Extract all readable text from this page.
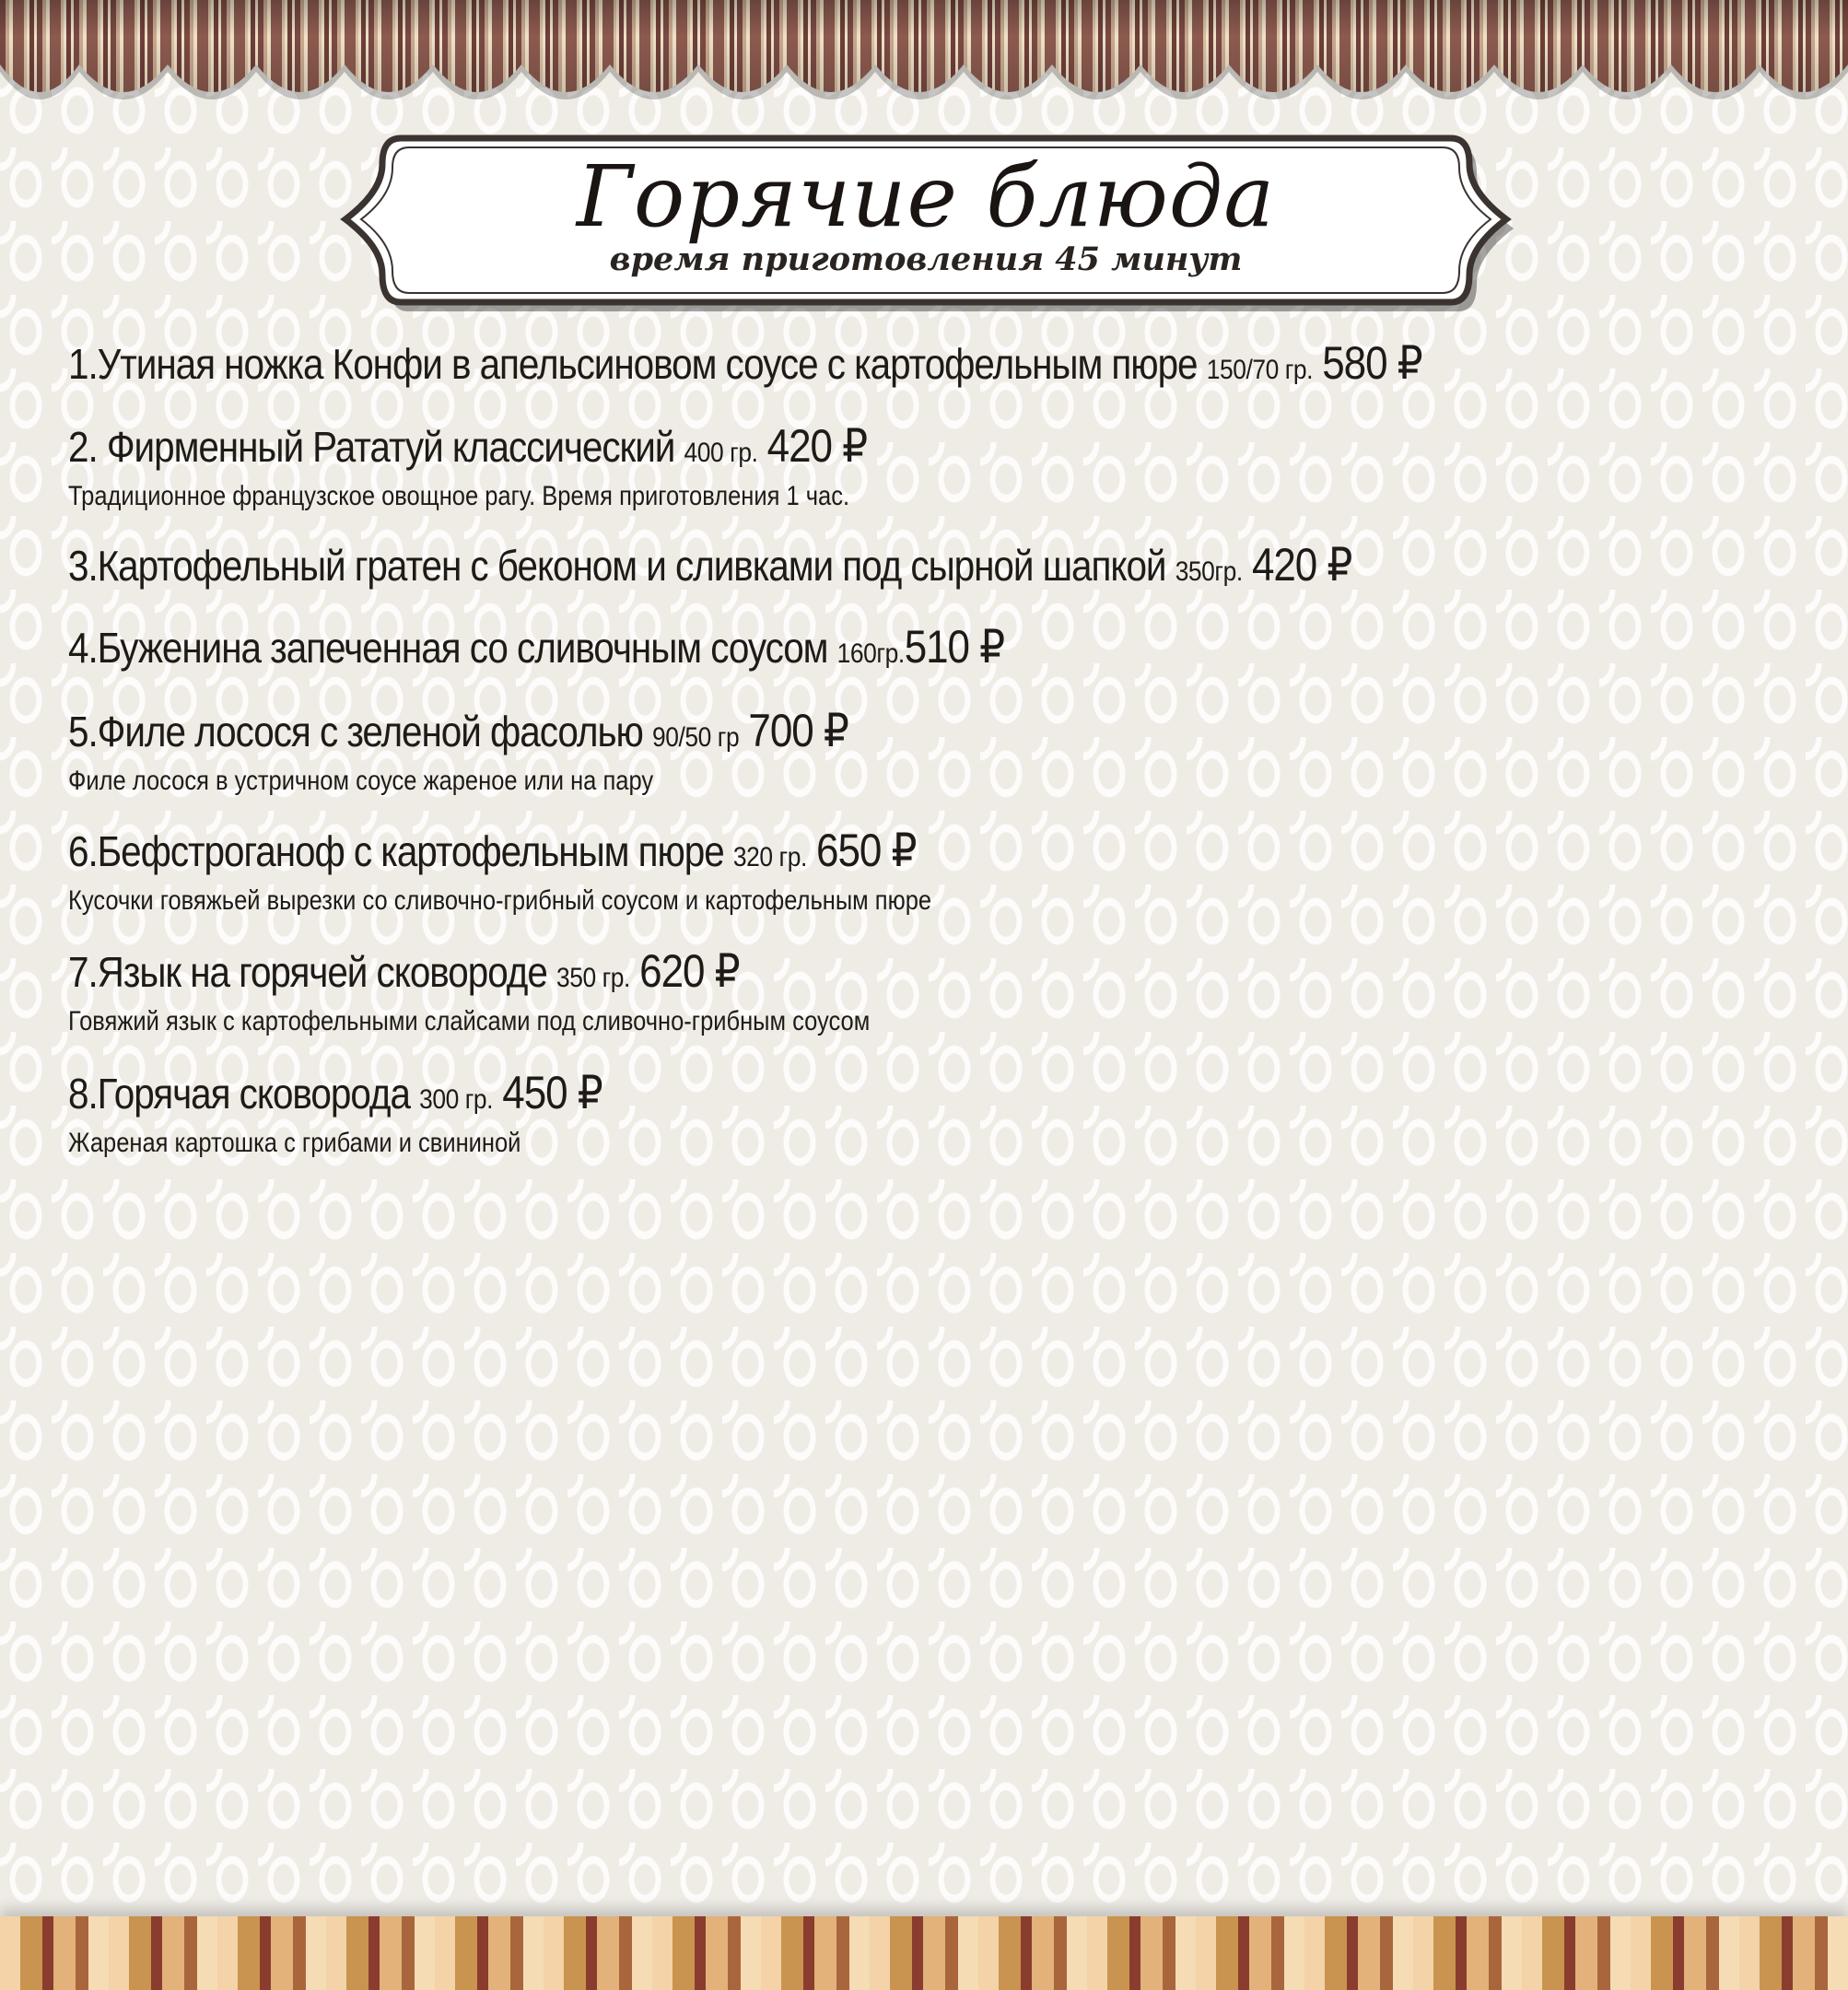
Горячие блюда
время приготовления 45 минут
1.Утиная ножка Конфи в апельсиновом соусе с картофельным пюре 150/70 гр. 580 ₽
2. Фирменный Рататуй классический 400 гр. 420 ₽
Традиционное французское овощное рагу. Время приготовления 1 час.
3.Картофельный гратен с беконом и сливками под сырной шапкой 350гр. 420 ₽
4.Буженина запеченная со сливочным соусом 160гр.510 ₽
5.Филе лосося с зеленой фасолью 90/50 гр 700 ₽
Филе лосося в устричном соусе жареное или на пару
6.Бефстроганоф с картофельным пюре 320 гр. 650 ₽
Кусочки говяжьей вырезки со сливочно-грибный соусом и картофельным пюре
7.Язык на горячей сковороде 350 гр. 620 ₽
Говяжий язык с картофельными слайсами под сливочно-грибным соусом
8.Горячая сковорода 300 гр. 450 ₽
Жареная картошка с грибами и свининой
